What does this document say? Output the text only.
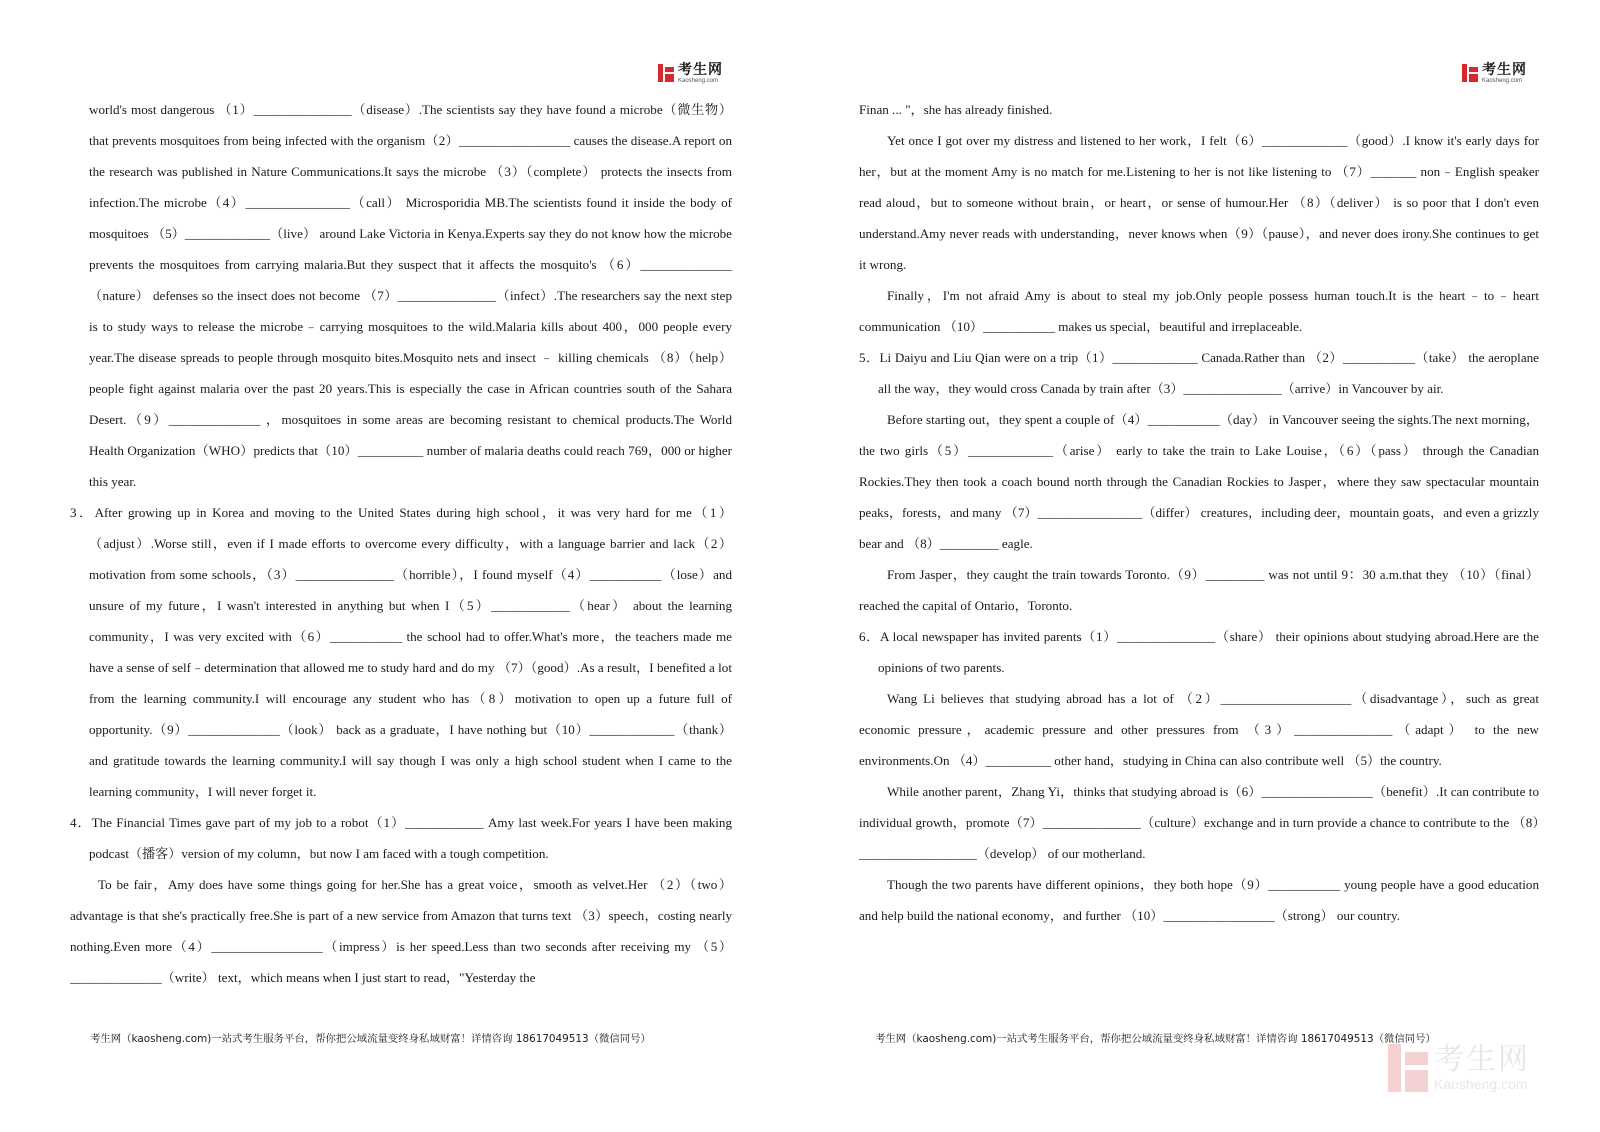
考生网
Kaosheng.com

world's most dangerous （1）_______________（disease）.The scientists say they have found a microbe（微生物） that prevents mosquitoes from being infected with the organism（2）_________________ causes the disease.A report on the research was published in Nature Communications.It says the microbe （3）（complete） protects the insects from infection.The microbe（4）________________（call） Microsporidia MB.The scientists found it inside the body of mosquitoes （5）_____________（live） around Lake Victoria in Kenya.Experts say they do not know how the microbe prevents the mosquitoes from carrying malaria.But they suspect that it affects the mosquito's （6）______________（nature） defenses so the insect does not become （7）_______________（infect）.The researchers say the next step is to study ways to release the microbe﹣carrying mosquitoes to the wild.Malaria kills about 400，000 people every year.The disease spreads to people through mosquito bites.Mosquito nets and insect ﹣ killing chemicals （8）（help） people fight against malaria over the past 20 years.This is especially the case in African countries south of the Sahara Desert.（9）______________ ，mosquitoes in some areas are becoming resistant to chemical products.The World Health Organization（WHO）predicts that（10）__________ number of malaria deaths could reach 769，000 or higher this year.

3．After growing up in Korea and moving to the United States during high school，it was very hard for me（1）（adjust）.Worse still，even if I made efforts to overcome every difficulty，with a language barrier and lack（2）motivation from some schools，（3）_______________（horrible），I found myself（4）___________（lose）and unsure of my future，I wasn't interested in anything but when I（5）____________（hear） about the learning community，I was very excited with（6）___________ the school had to offer.What's more，the teachers made me have a sense of self﹣determination that allowed me to study hard and do my （7）（good）.As a result，I benefited a lot from the learning community.I will encourage any student who has（8）motivation to open up a future full of opportunity.（9）______________（look） back as a graduate，I have nothing but（10）_____________（thank）and gratitude towards the learning community.I will say though I was only a high school student when I came to the learning community，I will never forget it.

4．The Financial Times gave part of my job to a robot（1）____________ Amy last week.For years I have been making podcast（播客）version of my column，but now I am faced with a tough competition.

To be fair，Amy does have some things going for her.She has a great voice，smooth as velvet.Her （2）（two） advantage is that she's practically free.She is part of a new service from Amazon that turns text （3）speech，costing nearly nothing.Even more（4）_________________（impress）is her speed.Less than two seconds after receiving my （5）______________（write） text，which means when I just start to read，"Yesterday the

考生网（kaosheng.com)一站式考生服务平台，帮你把公域流量变终身私域财富！详情咨询 18617049513（微信同号）
考生网
Kaosheng.com

Finan ... "，she has already finished.

Yet once I got over my distress and listened to her work，I felt（6）_____________（good）.I know it's early days for her，but at the moment Amy is no match for me.Listening to her is not like listening to （7）_______ non﹣English speaker read aloud，but to someone without brain，or heart，or sense of humour.Her （8）（deliver） is so poor that I don't even understand.Amy never reads with understanding，never knows when（9）（pause），and never does irony.She continues to get it wrong.

Finally，I'm not afraid Amy is about to steal my job.Only people possess human touch.It is the heart﹣to﹣heart communication （10）___________ makes us special，beautiful and irreplaceable.

5．Li Daiyu and Liu Qian were on a trip（1）_____________ Canada.Rather than （2）___________（take） the aeroplane all the way，they would cross Canada by train after（3）_______________（arrive）in Vancouver by air.

Before starting out，they spent a couple of（4）___________（day） in Vancouver seeing the sights.The next morning，the two girls（5）_____________（arise） early to take the train to Lake Louise，（6）（pass） through the Canadian Rockies.They then took a coach bound north through the Canadian Rockies to Jasper，where they saw spectacular mountain peaks，forests，and many （7）________________（differ） creatures，including deer，mountain goats，and even a grizzly bear and （8）_________ eagle.

From Jasper，they caught the train towards Toronto.（9）_________ was not until 9：30 a.m.that they （10）（final） reached the capital of Ontario，Toronto.

6．A local newspaper has invited parents（1）_______________（share） their opinions about studying abroad.Here are the opinions of two parents.

Wang Li believes that studying abroad has a lot of （2）____________________（disadvantage），such as great economic pressure，academic pressure and other pressures from （3）_______________（adapt） to the new environments.On （4）__________ other hand，studying in China can also contribute well （5）the country.

While another parent，Zhang Yi，thinks that studying abroad is（6）_________________（benefit）.It can contribute to individual growth，promote（7）_______________（culture）exchange and in turn provide a chance to contribute to the （8）__________________（develop） of our motherland.

Though the two parents have different opinions，they both hope（9）___________ young people have a good education and help build the national economy，and further （10）_________________（strong） our country.

考生网（kaosheng.com)一站式考生服务平台，帮你把公域流量变终身私域财富！详情咨询 18617049513（微信同号）
考生网
Kaosheng.com
